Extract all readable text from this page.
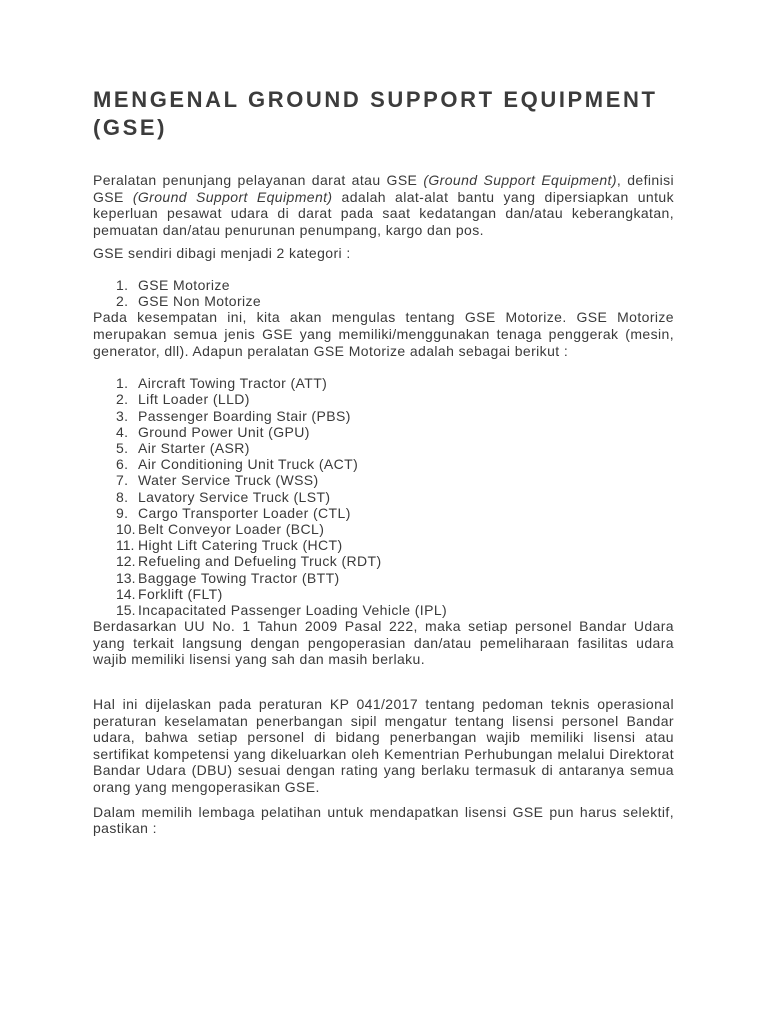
MENGENAL GROUND SUPPORT EQUIPMENT (GSE)

Peralatan penunjang pelayanan darat atau GSE (Ground Support Equipment), definisi GSE (Ground Support Equipment) adalah alat-alat bantu yang dipersiapkan untuk keperluan pesawat udara di darat pada saat kedatangan dan/atau keberangkatan, pemuatan dan/atau penurunan penumpang, kargo dan pos.

GSE sendiri dibagi menjadi 2 kategori :

1. GSE Motorize
2. GSE Non Motorize

Pada kesempatan ini, kita akan mengulas tentang GSE Motorize. GSE Motorize merupakan semua jenis GSE yang memiliki/menggunakan tenaga penggerak (mesin, generator, dll). Adapun peralatan GSE Motorize adalah sebagai berikut :

1. Aircraft Towing Tractor (ATT)
2. Lift Loader (LLD)
3. Passenger Boarding Stair (PBS)
4. Ground Power Unit (GPU)
5. Air Starter (ASR)
6. Air Conditioning Unit Truck (ACT)
7. Water Service Truck (WSS)
8. Lavatory Service Truck (LST)
9. Cargo Transporter Loader (CTL)
10. Belt Conveyor Loader (BCL)
11. Hight Lift Catering Truck (HCT)
12. Refueling and Defueling Truck (RDT)
13. Baggage Towing Tractor (BTT)
14. Forklift (FLT)
15. Incapacitated Passenger Loading Vehicle (IPL)

Berdasarkan UU No. 1 Tahun 2009 Pasal 222, maka setiap personel Bandar Udara yang terkait langsung dengan pengoperasian dan/atau pemeliharaan fasilitas udara wajib memiliki lisensi yang sah dan masih berlaku.

Hal ini dijelaskan pada peraturan KP 041/2017 tentang pedoman teknis operasional peraturan keselamatan penerbangan sipil mengatur tentang lisensi personel Bandar udara, bahwa setiap personel di bidang penerbangan wajib memiliki lisensi atau sertifikat kompetensi yang dikeluarkan oleh Kementrian Perhubungan melalui Direktorat Bandar Udara (DBU) sesuai dengan rating yang berlaku termasuk di antaranya semua orang yang mengoperasikan GSE.

Dalam memilih lembaga pelatihan untuk mendapatkan lisensi GSE pun harus selektif, pastikan :
